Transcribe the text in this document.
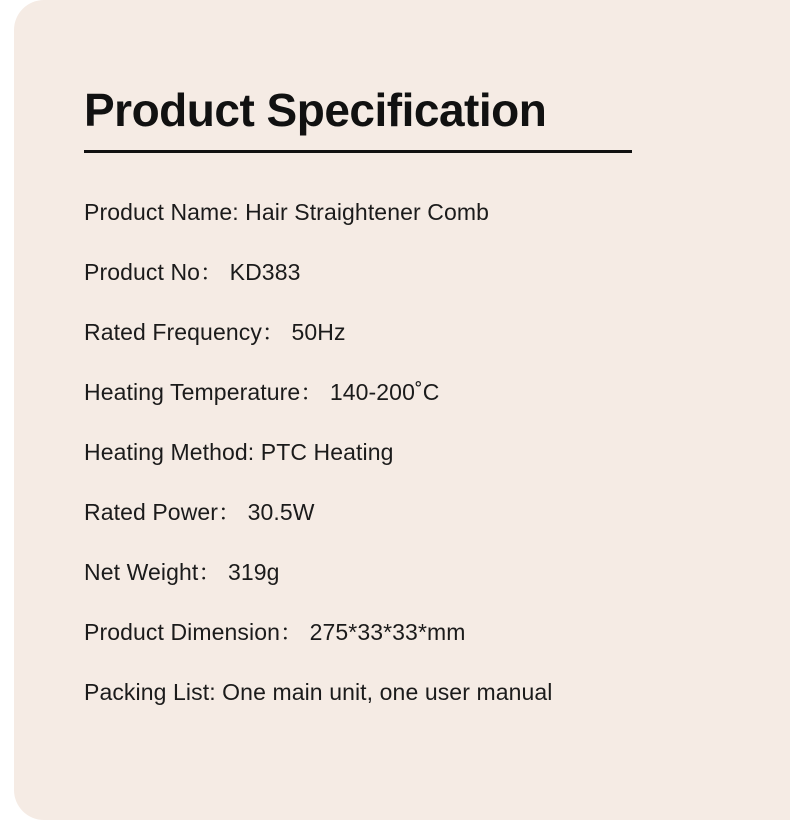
Product Specification
Product Name: Hair Straightener Comb
Product No： KD383
Rated Frequency： 50Hz
Heating Temperature： 140-200˚C
Heating Method: PTC Heating
Rated Power： 30.5W
Net Weight： 319g
Product Dimension： 275*33*33*mm
Packing List: One main unit, one user manual
